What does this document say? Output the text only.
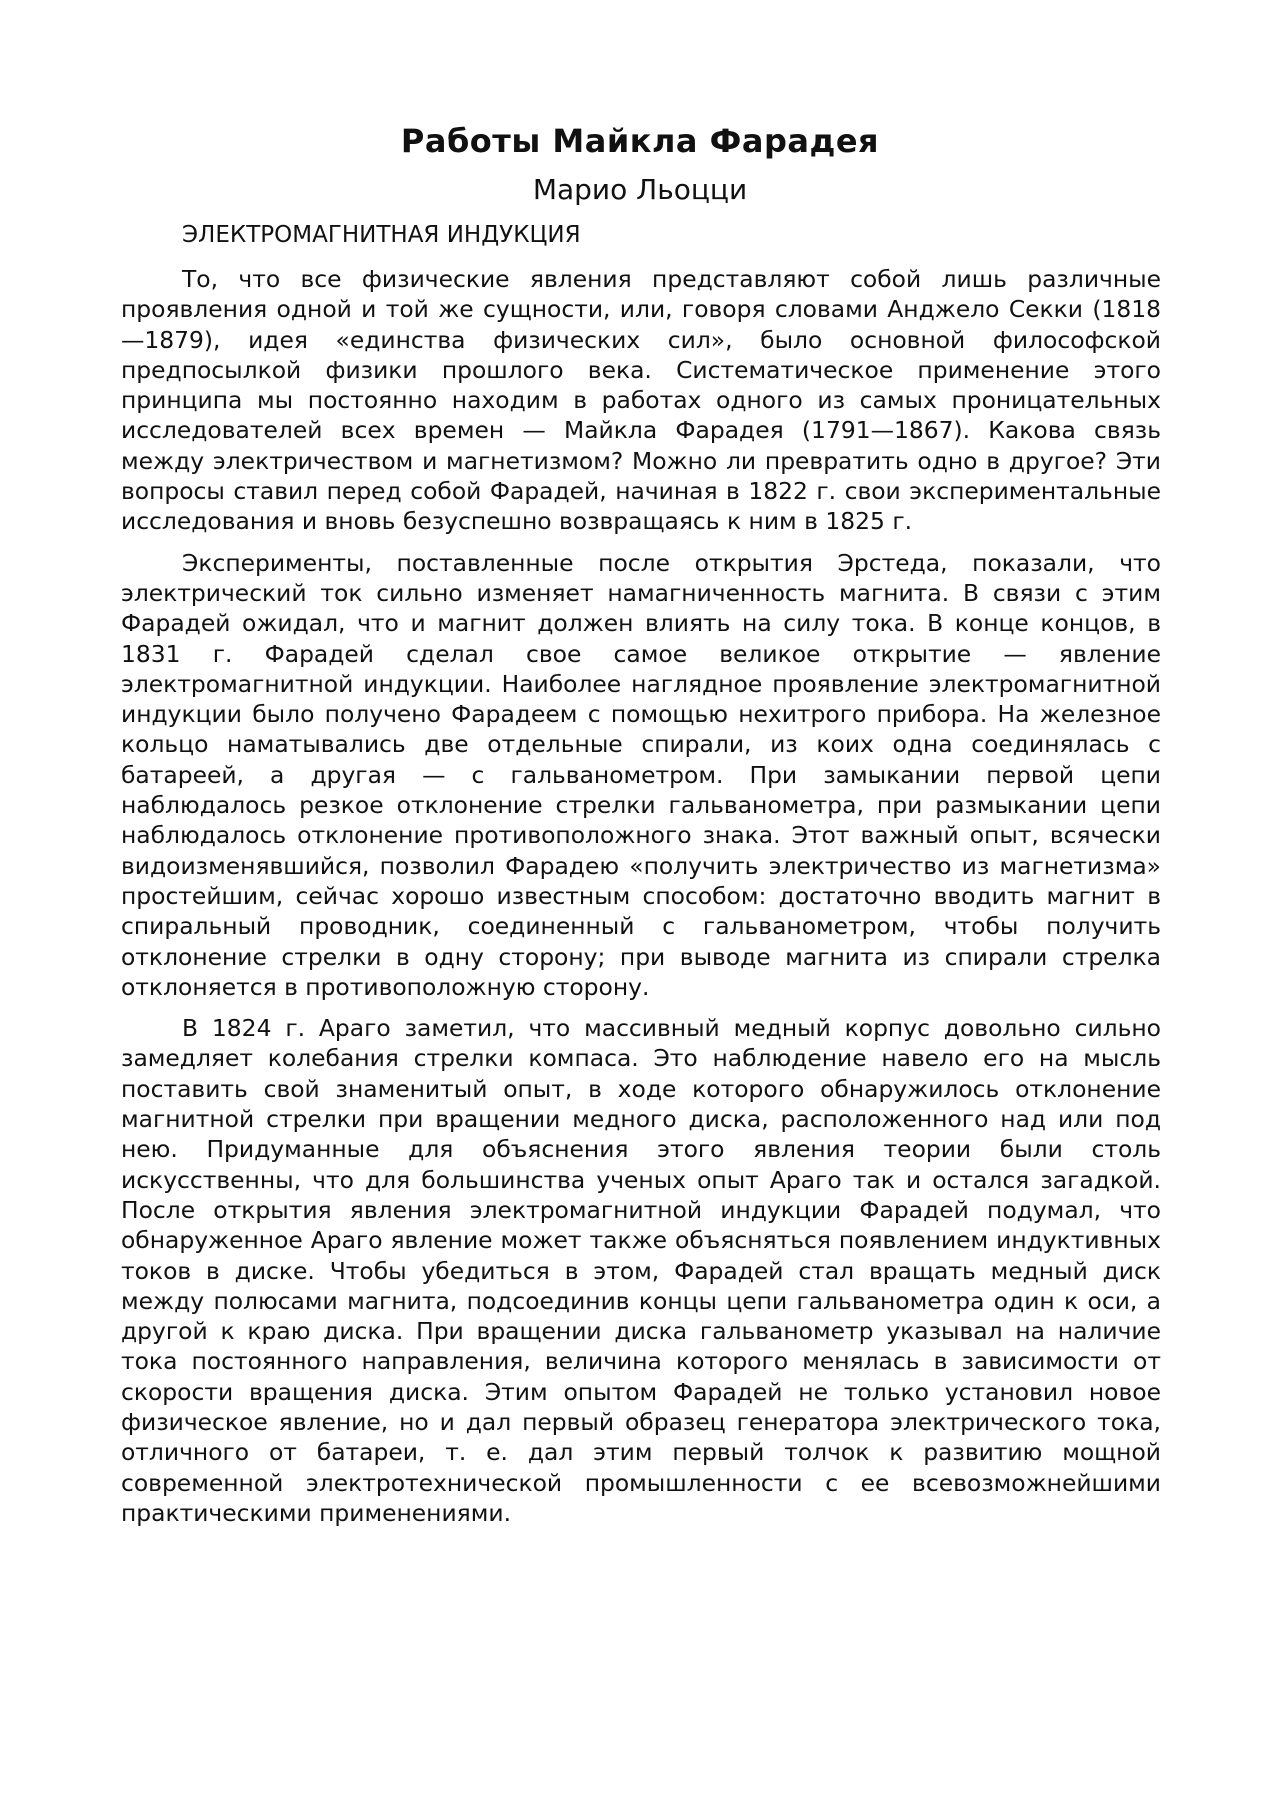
Работы Майкла Фарадея
Марио Льоцци
ЭЛЕКТРОМАГНИТНАЯ ИНДУКЦИЯ

То, что все физические явления представляют собой лишь различные проявления одной и той же сущности, или, говоря словами Анджело Секки (1818—1879), идея «единства физических сил», было основной философской предпосылкой физики прошлого века. Систематическое применение этого принципа мы постоянно находим в работах одного из самых проницательных исследователей всех времен — Майкла Фарадея (1791—1867). Какова связь между электричеством и магнетизмом? Можно ли превратить одно в другое? Эти вопросы ставил перед собой Фарадей, начиная в 1822 г. свои экспериментальные исследования и вновь безуспешно возвращаясь к ним в 1825 г.

Эксперименты, поставленные после открытия Эрстеда, показали, что электрический ток сильно изменяет намагниченность магнита. В связи с этим Фарадей ожидал, что и магнит должен влиять на силу тока. В конце концов, в 1831 г. Фарадей сделал свое самое великое открытие — явление электромагнитной индукции. Наиболее наглядное проявление электромагнитной индукции было получено Фарадеем с помощью нехитрого прибора. На железное кольцо наматывались две отдельные спирали, из коих одна соединялась с батареей, а другая — с гальванометром. При замыкании первой цепи наблюдалось резкое отклонение стрелки гальванометра, при размыкании цепи наблюдалось отклонение противоположного знака. Этот важный опыт, всячески видоизменявшийся, позволил Фарадею «получить электричество из магнетизма» простейшим, сейчас хорошо известным способом: достаточно вводить магнит в спиральный проводник, соединенный с гальванометром, чтобы получить отклонение стрелки в одну сторону; при выводе магнита из спирали стрелка отклоняется в противоположную сторону.

В 1824 г. Араго заметил, что массивный медный корпус довольно сильно замедляет колебания стрелки компаса. Это наблюдение навело его на мысль поставить свой знаменитый опыт, в ходе которого обнаружилось отклонение магнитной стрелки при вращении медного диска, расположенного над или под нею. Придуманные для объяснения этого явления теории были столь искусственны, что для большинства ученых опыт Араго так и остался загадкой. После открытия явления электромагнитной индукции Фарадей подумал, что обнаруженное Араго явление может также объясняться появлением индуктивных токов в диске. Чтобы убедиться в этом, Фарадей стал вращать медный диск между полюсами магнита, подсоединив концы цепи гальванометра один к оси, а другой к краю диска. При вращении диска гальванометр указывал на наличие тока постоянного направления, величина которого менялась в зависимости от скорости вращения диска. Этим опытом Фарадей не только установил новое физическое явление, но и дал первый образец генератора электрического тока, отличного от батареи, т. е. дал этим первый толчок к развитию мощной современной электротехнической промышленности с ее всевозможнейшими практическими применениями.
